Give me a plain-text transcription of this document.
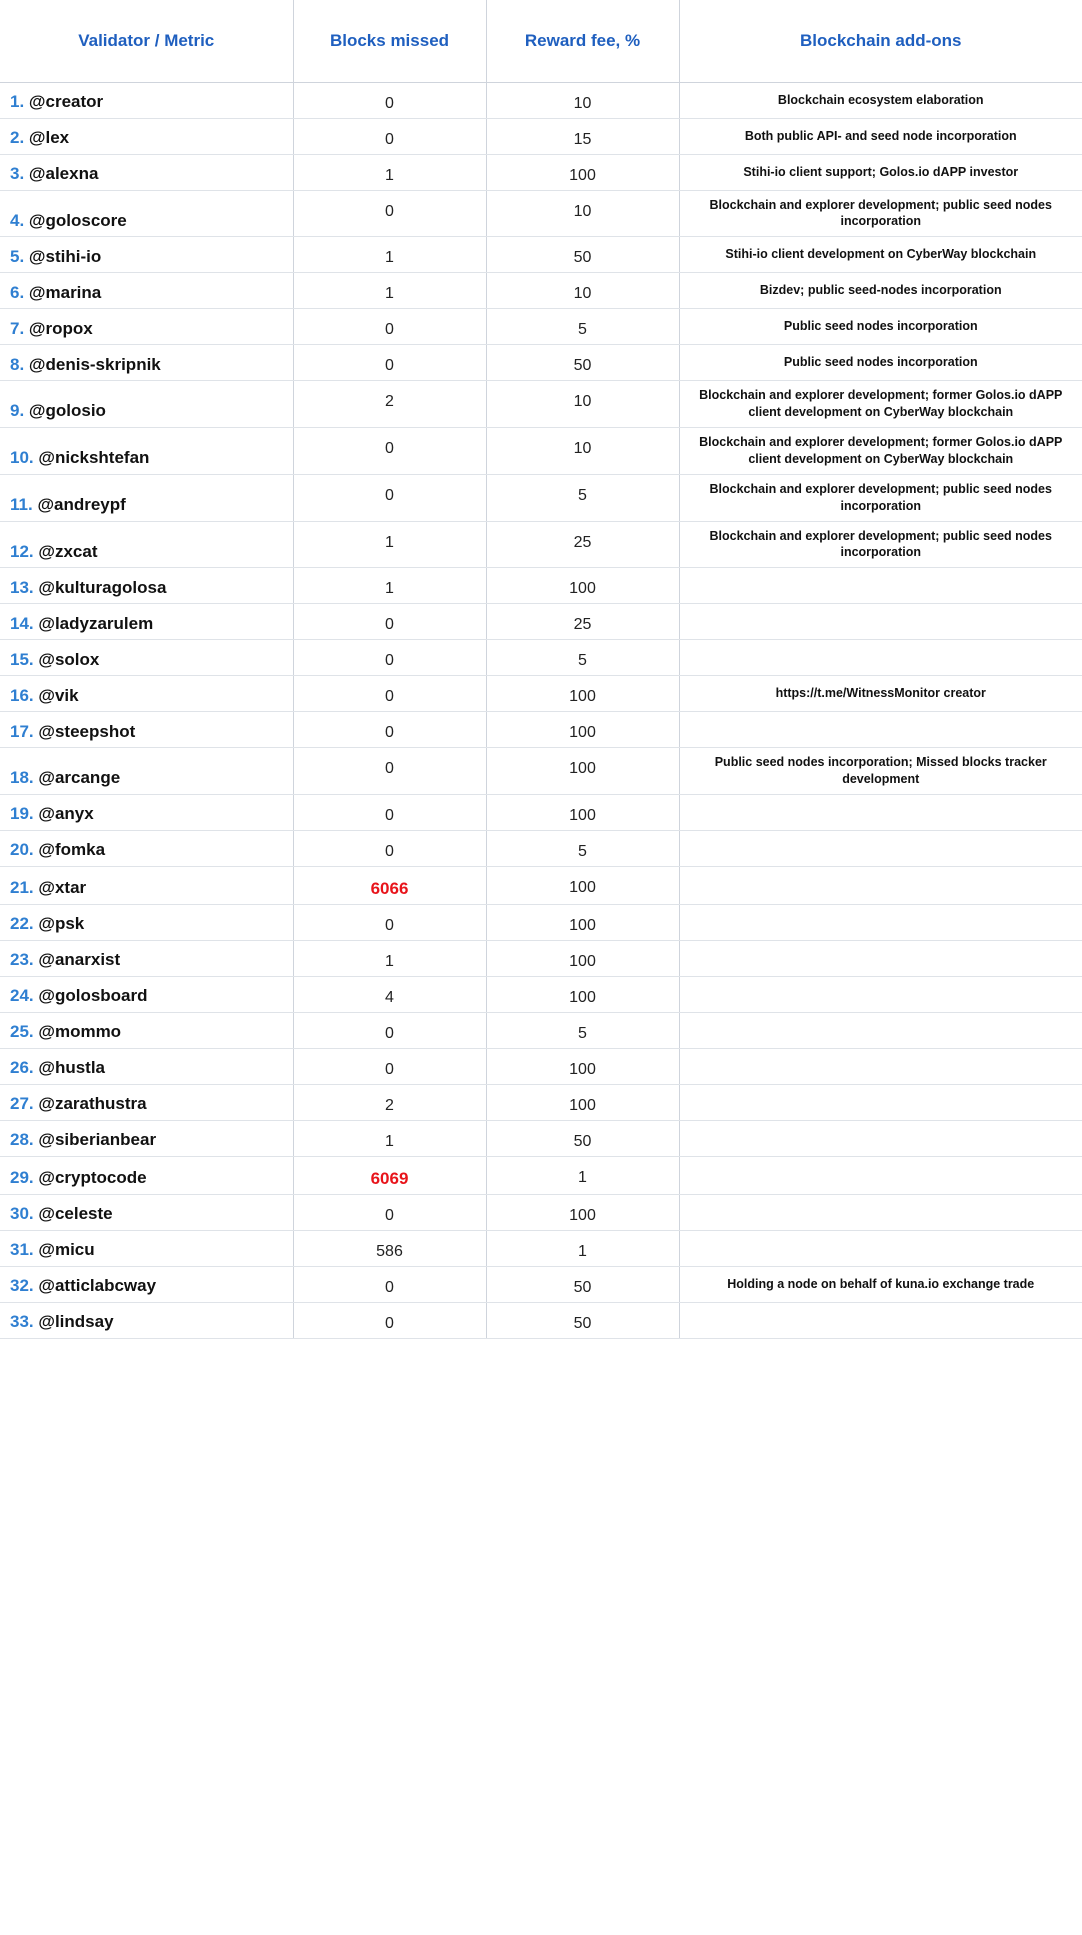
Validator / Metric	Blocks missed	Reward fee, %	Blockchain add-ons
1. @creator	0	10	Blockchain ecosystem elaboration
2. @lex	0	15	Both public API- and seed node incorporation
3. @alexna	1	100	Stihi-io client support; Golos.io dAPP investor
4. @goloscore	0	10	Blockchain and explorer development; public seed nodes incorporation
5. @stihi-io	1	50	Stihi-io client development on CyberWay blockchain
6. @marina	1	10	Bizdev; public seed-nodes incorporation
7. @ropox	0	5	Public seed nodes incorporation
8. @denis-skripnik	0	50	Public seed nodes incorporation
9. @golosio	2	10	Blockchain and explorer development; former Golos.io dAPP client development on CyberWay blockchain
10. @nickshtefan	0	10	Blockchain and explorer development; former Golos.io dAPP client development on CyberWay blockchain
11. @andreypf	0	5	Blockchain and explorer development; public seed nodes incorporation
12. @zxcat	1	25	Blockchain and explorer development; public seed nodes incorporation
13. @kulturagolosa	1	100	
14. @ladyzarulem	0	25	
15. @solox	0	5	
16. @vik	0	100	https://t.me/WitnessMonitor creator
17. @steepshot	0	100	
18. @arcange	0	100	Public seed nodes incorporation; Missed blocks tracker development
19. @anyx	0	100	
20. @fomka	0	5	
21. @xtar	6066	100	
22. @psk	0	100	
23. @anarxist	1	100	
24. @golosboard	4	100	
25. @mommo	0	5	
26. @hustla	0	100	
27. @zarathustra	2	100	
28. @siberianbear	1	50	
29. @cryptocode	6069	1	
30. @celeste	0	100	
31. @micu	586	1	
32. @atticlabcway	0	50	Holding a node on behalf of kuna.io exchange trade
33. @lindsay	0	50	
